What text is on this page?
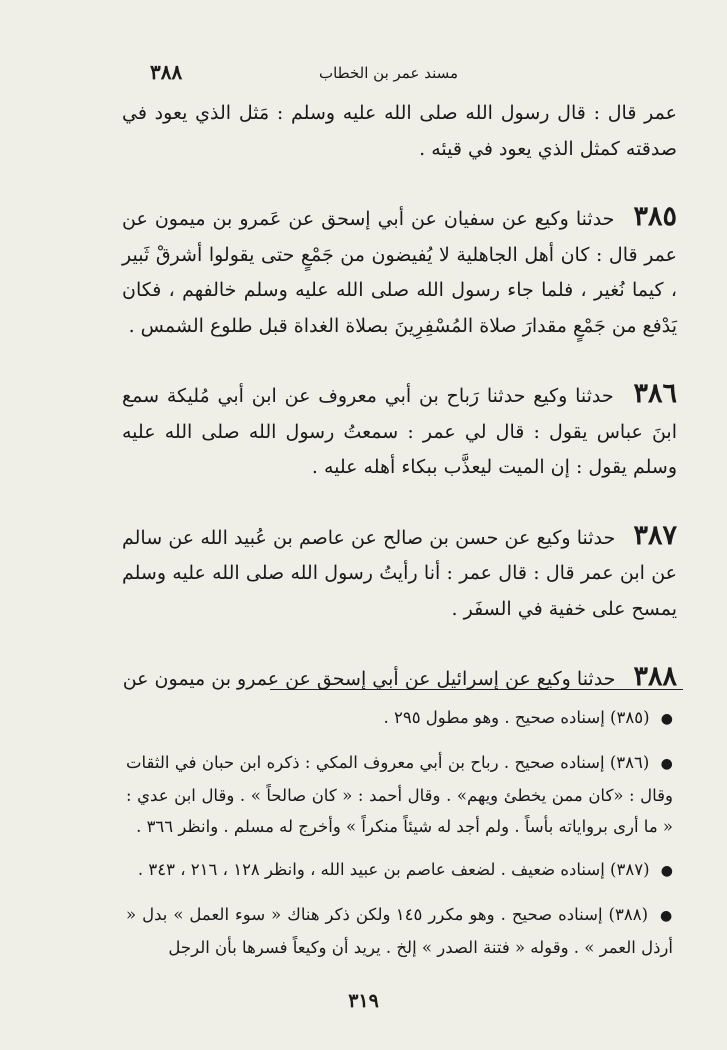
مسند عمر بن الخطاب
٣٨٨

عمر قال : قال رسول الله صلى الله عليه وسلم : مَثل الذي يعود في صدقته كمثل الذي يعود في قيئه .

٣٨٥ حدثنا وكيع عن سفيان عن أبي إسحق عن عَمرو بن ميمون عن عمر قال : كان أهل الجاهلية لا يُفيضون من جَمْعٍ حتى يقولوا أشرقْ ثَبير ، كيما نُغير ، فلما جاء رسول الله صلى الله عليه وسلم خالفهم ، فكان يَدْفع من جَمْعٍ مقدارَ صلاة المُسْفِرِينَ بصلاة الغداة قبل طلوع الشمس .

٣٨٦ حدثنا وكيع حدثنا رَباح بن أبي معروف عن ابن أبي مُليكة سمع ابنَ عباس يقول : قال لي عمر : سمعتُ رسول الله صلى الله عليه وسلم يقول : إن الميت ليعذَّب ببكاء أهله عليه .

٣٨٧ حدثنا وكيع عن حسن بن صالح عن عاصم بن عُبيد الله عن سالم عن ابن عمر قال : قال عمر : أنا رأيتُ رسول الله صلى الله عليه وسلم يمسح على خفية في السفَر .

٣٨٨ حدثنا وكيع عن إسرائيل عن أبي إسحق عن عمرو بن ميمون عن

● (٣٨٥) إسناده صحيح . وهو مطول ٢٩٥ .

● (٣٨٦) إسناده صحيح . رباح بن أبي معروف المكي : ذكره ابن حبان في الثقات وقال : «كان ممن يخطئ ويهم» . وقال أحمد : « كان صالحاً » . وقال ابن عدي : « ما أرى برواياته بأساً . ولم أجد له شيئاً منكراً » وأخرج له مسلم . وانظر ٣٦٦ .

● (٣٨٧) إسناده ضعيف . لضعف عاصم بن عبيد الله ، وانظر ١٢٨ ، ٢١٦ ، ٣٤٣ .

● (٣٨٨) إسناده صحيح . وهو مكرر ١٤٥ ولكن ذكر هناك « سوء العمل » بدل « أرذل العمر » . وقوله « فتنة الصدر » إلخ . يريد أن وكيعاً فسرها بأن الرجل

٣١٩
